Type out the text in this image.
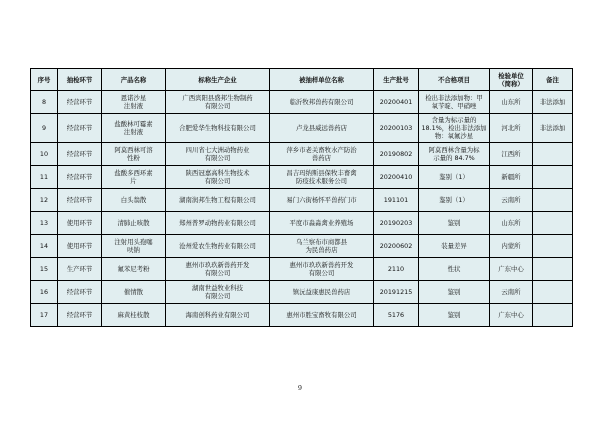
序号	抽检环节	产品名称	标称生产企业	被抽样单位名称	生产批号	不合格项目	检验单位
（简称）	备注

8	经营环节	恩诺沙星
注射液	广西宾阳县盛邦生物制药
有限公司	临沂牧邦兽药有限公司	20200401	检出非法添加物：甲
氧苄啶、甲硝唑	山东所	非法添加

9	经营环节	盐酸林可霉素
注射液	合肥爱华生物科技有限公司	卢龙县威远兽药店	20200103	含量为标示量的
18.1%，检出非法添加
物：氧氟沙星	河北所	非法添加

10	经营环节	阿莫西林可溶
性粉	四川省七大洲动物药业
有限公司	萍乡市老关畜牧水产防治
兽药店	20190802	阿莫西林含量为标
示量的 84.7%	江西所	

11	经营环节	盐酸多西环素
片	陕西冠嘉高科生物技术
有限公司	昌吉玛纳斯县保牧丰畜禽
防疫技术服务公司	20200410	鉴别（1）	新疆所	

12	经营环节	白头翁散	湖南润邦生物工程有限公司	易门六街杨怀平兽药门市	191101	鉴别（1）	云南所	

13	使用环节	清肺止咳散	郑州普罗动物药业有限公司	平度市淼淼禽业养殖场	20190203	鉴别	山东所	

14	使用环节	注射用头孢噻
呋钠	沧州爱农生物药业有限公司	乌兰察布市商都县
为民兽药店	20200602	装量差异	内蒙所	

15	生产环节	氟苯尼考粉	惠州市玖玖新兽药开发
有限公司	惠州市玖玖新兽药开发
有限公司	2110	性状	广东中心	

16	经营环节	催情散	湖南世益牧业科技
有限公司	镇沅益康惠民兽药店	20191215	鉴别	云南所	

17	经营环节	麻黄桂枝散	海南创科药业有限公司	惠州市胜宝畜牧有限公司	5176	鉴别	广东中心	

9
